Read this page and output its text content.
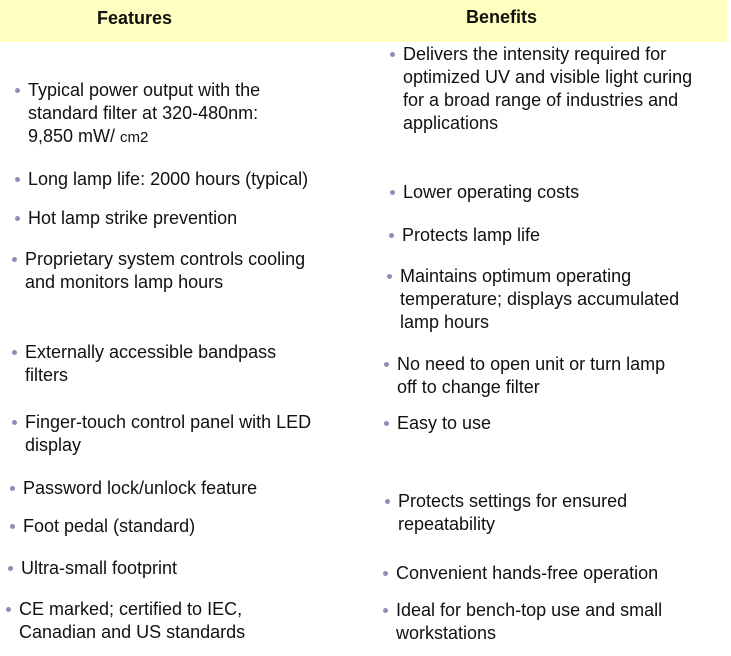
Features	Benefits
Typical power output with the
standard filter at 320-480nm:
9,850 mW/ cm2
Long lamp life: 2000 hours (typical)
Hot lamp strike prevention
Proprietary system controls cooling
and monitors lamp hours
Externally accessible bandpass
filters
Finger-touch control panel with LED
display
Password lock/unlock feature
Foot pedal (standard)
Ultra-small footprint
CE marked; certified to IEC,
Canadian and US standards
Delivers the intensity required for
optimized UV and visible light curing
for a broad range of industries and
applications
Lower operating costs
Protects lamp life
Maintains optimum operating
temperature; displays accumulated
lamp hours
No need to open unit or turn lamp
off to change filter
Easy to use
Protects settings for ensured
repeatability
Convenient hands-free operation
Ideal for bench-top use and small
workstations
